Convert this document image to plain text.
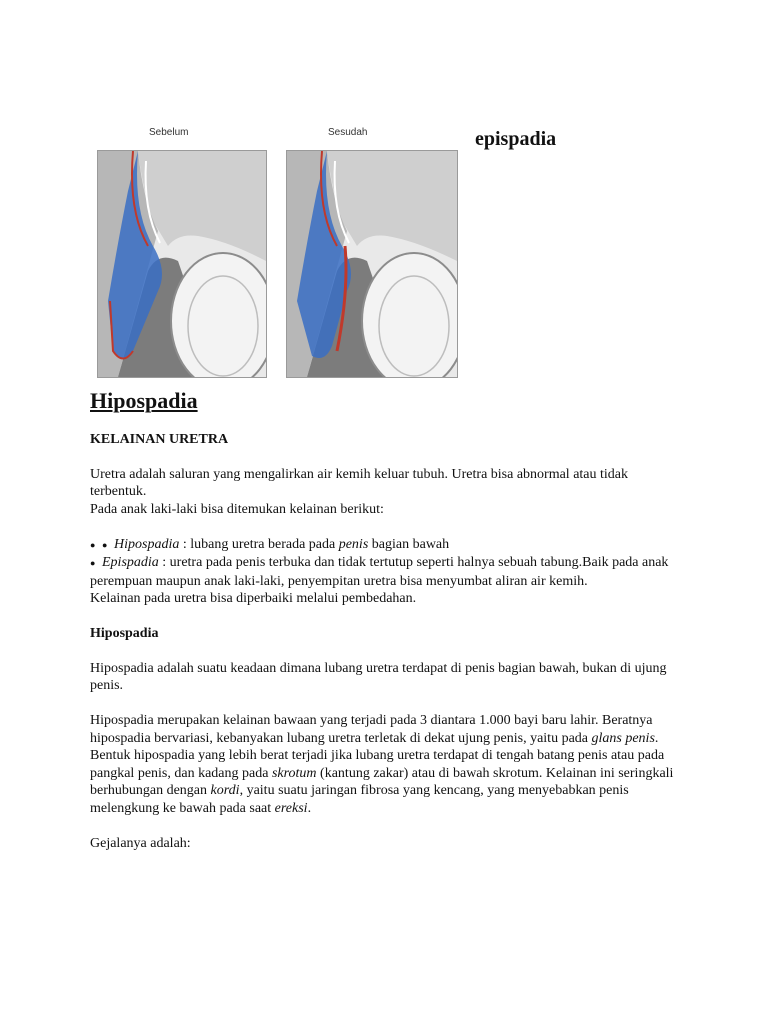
Sebelum	Sesudah	epispadia
Hipospadia
KELAINAN URETRA

Uretra adalah saluran yang mengalirkan air kemih keluar tubuh. Uretra bisa abnormal atau tidak terbentuk.

Pada anak laki-laki bisa ditemukan kelainan berikut:

● ● Hipospadia : lubang uretra berada pada penis bagian bawah

● Epispadia : uretra pada penis terbuka dan tidak tertutup seperti halnya sebuah tabung.Baik pada anak perempuan maupun anak laki-laki, penyempitan uretra bisa menyumbat aliran air kemih.

Kelainan pada uretra bisa diperbaiki melalui pembedahan.

Hipospadia

Hipospadia adalah suatu keadaan dimana lubang uretra terdapat di penis bagian bawah, bukan di ujung penis.

Hipospadia merupakan kelainan bawaan yang terjadi pada 3 diantara 1.000 bayi baru lahir. Beratnya hipospadia bervariasi, kebanyakan lubang uretra terletak di dekat ujung penis, yaitu pada glans penis.

Bentuk hipospadia yang lebih berat terjadi jika lubang uretra terdapat di tengah batang penis atau pada pangkal penis, dan kadang pada skrotum (kantung zakar) atau di bawah skrotum. Kelainan ini seringkali berhubungan dengan kordi, yaitu suatu jaringan fibrosa yang kencang, yang menyebabkan penis melengkung ke bawah pada saat ereksi.

Gejalanya adalah:
